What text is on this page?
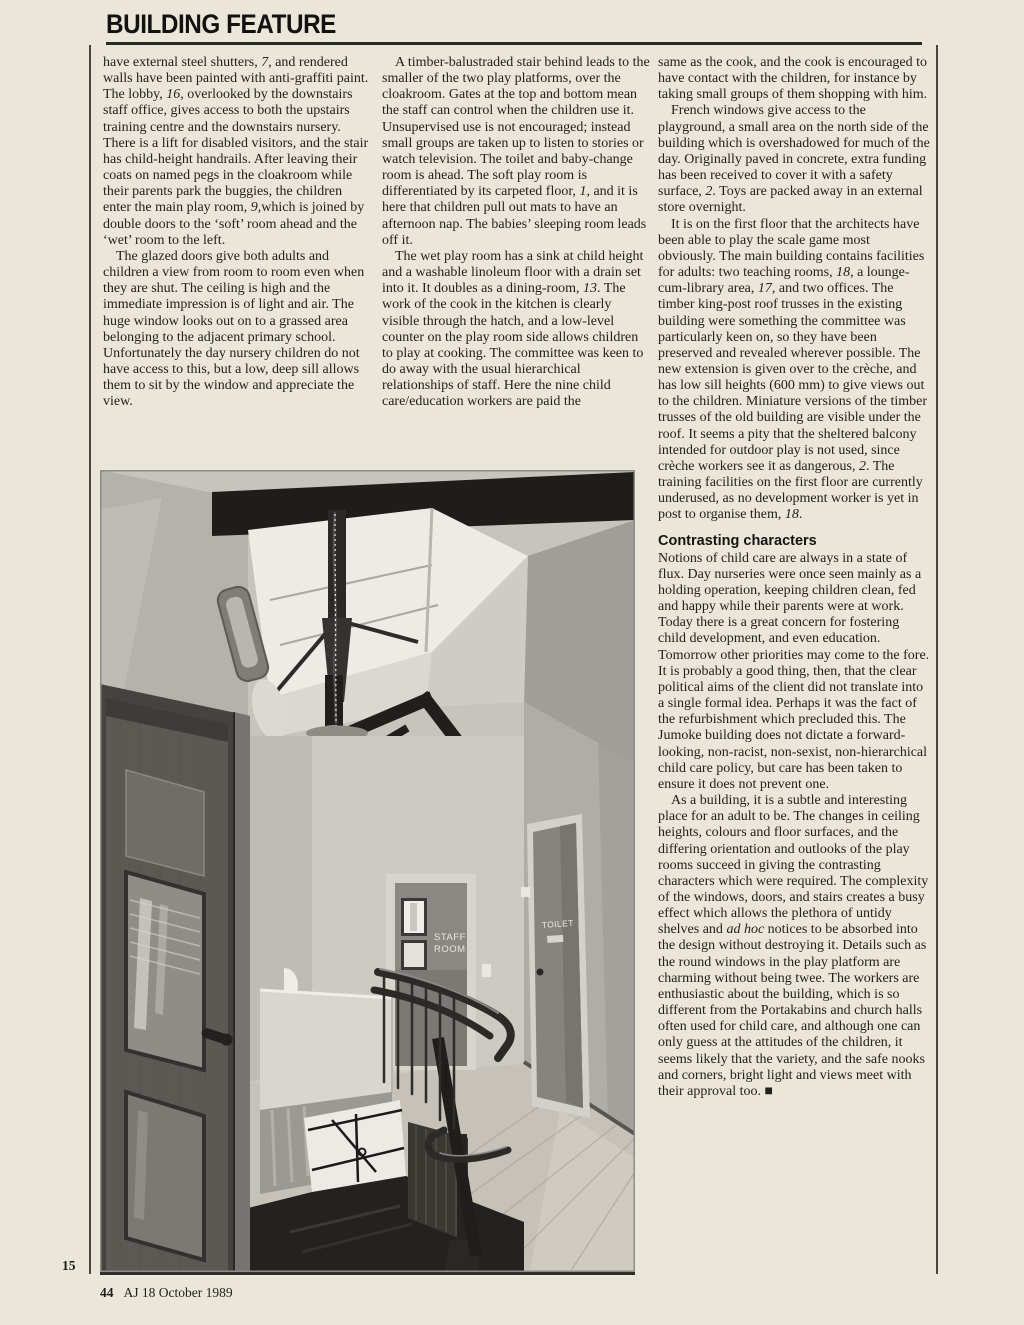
BUILDING FEATURE

have external steel shutters, 7, and rendered walls have been painted with anti-graffiti paint. The lobby, 16, overlooked by the downstairs staff office, gives access to both the upstairs training centre and the downstairs nursery. There is a lift for disabled visitors, and the stair has child-height handrails. After leaving their coats on named pegs in the cloakroom while their parents park the buggies, the children enter the main play room, 9,which is joined by double doors to the ‘soft’ room ahead and the ‘wet’ room to the left.

The glazed doors give both adults and children a view from room to room even when they are shut. The ceiling is high and the immediate impression is of light and air. The huge window looks out on to a grassed area belonging to the adjacent primary school. Unfortunately the day nursery children do not have access to this, but a low, deep sill allows them to sit by the window and appreciate the view.

A timber-balustraded stair behind leads to the smaller of the two play platforms, over the cloakroom. Gates at the top and bottom mean the staff can control when the children use it. Unsupervised use is not encouraged; instead small groups are taken up to listen to stories or watch television. The toilet and baby-change room is ahead. The soft play room is differentiated by its carpeted floor, 1, and it is here that children pull out mats to have an afternoon nap. The babies’ sleeping room leads off it.

The wet play room has a sink at child height and a washable linoleum floor with a drain set into it. It doubles as a dining-room, 13. The work of the cook in the kitchen is clearly visible through the hatch, and a low-level counter on the play room side allows children to play at cooking. The committee was keen to do away with the usual hierarchical relationships of staff. Here the nine child care/education workers are paid the

same as the cook, and the cook is encouraged to have contact with the children, for instance by taking small groups of them shopping with him.

French windows give access to the playground, a small area on the north side of the building which is overshadowed for much of the day. Originally paved in concrete, extra funding has been received to cover it with a safety surface, 2. Toys are packed away in an external store overnight.

It is on the first floor that the architects have been able to play the scale game most obviously. The main building contains facilities for adults: two teaching rooms, 18, a lounge-cum-library area, 17, and two offices. The timber king-post roof trusses in the existing building were something the committee was particularly keen on, so they have been preserved and revealed wherever possible. The new extension is given over to the crèche, and has low sill heights (600 mm) to give views out to the children. Miniature versions of the timber trusses of the old building are visible under the roof. It seems a pity that the sheltered balcony intended for outdoor play is not used, since crèche workers see it as dangerous, 2. The training facilities on the first floor are currently underused, as no development worker is yet in post to organise them, 18.

Contrasting characters

Notions of child care are always in a state of flux. Day nurseries were once seen mainly as a holding operation, keeping children clean, fed and happy while their parents were at work. Today there is a great concern for fostering child development, and even education. Tomorrow other priorities may come to the fore. It is probably a good thing, then, that the clear political aims of the client did not translate into a single formal idea. Perhaps it was the fact of the refurbishment which precluded this. The Jumoke building does not dictate a forward-looking, non-racist, non-sexist, non-hierarchical child care policy, but care has been taken to ensure it does not prevent one.

As a building, it is a subtle and interesting place for an adult to be. The changes in ceiling heights, colours and floor surfaces, and the differing orientation and outlooks of the play rooms succeed in giving the contrasting characters which were required. The complexity of the windows, doors, and stairs creates a busy effect which allows the plethora of untidy shelves and ad hoc notices to be absorbed into the design without destroying it. Details such as the round windows in the play platform are charming without being twee. The workers are enthusiastic about the building, which is so different from the Portakabins and church halls often used for child care, and although one can only guess at the attitudes of the children, it seems likely that the variety, and the safe nooks and corners, bright light and views meet with their approval too. ■

STAFF
ROOM
TOILET
15
44 AJ 18 October 1989
